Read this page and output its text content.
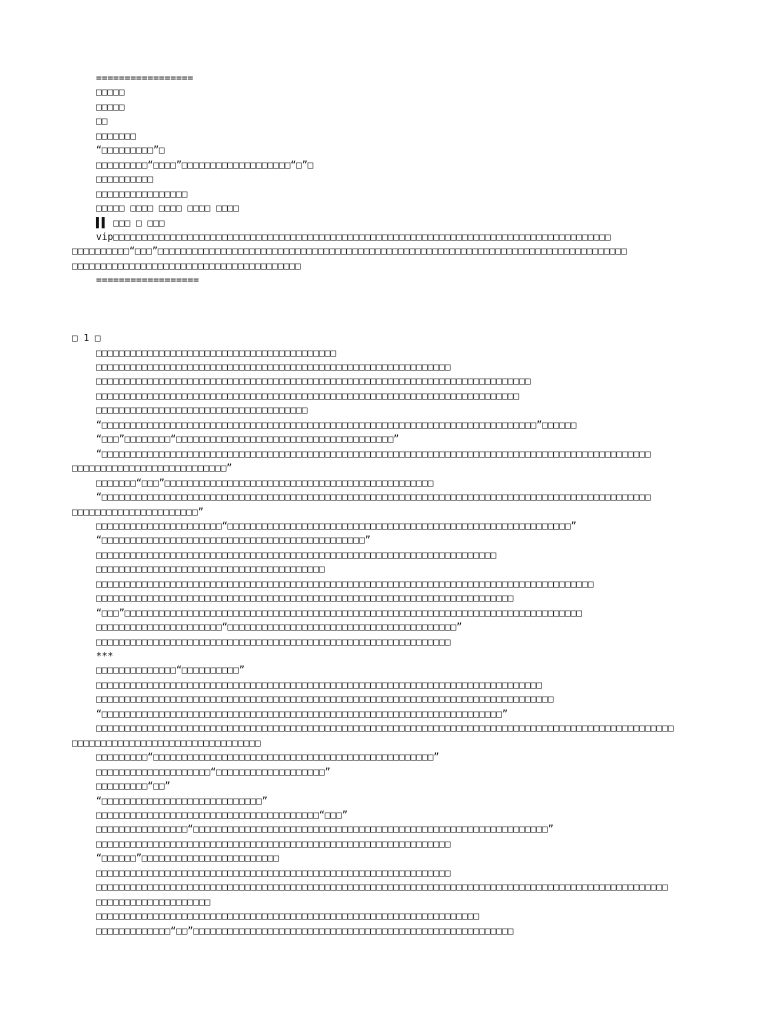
=================
□□□□□
□□□□□
□□
□□□□□□□
“□□□□□□□□□”□
□□□□□□□□□“□□□□”□□□□□□□□□□□□□□□□□□□“□”□
□□□□□□□□□□
□□□□□□□□□□□□□□□□
□□□□□ □□□□ □□□□ □□□□ □□□□
▌▌ □□□ □ □□□
vip□□□□□□□□□□□□□□□□□□□□□□□□□□□□□□□□□□□□□□□□□□□□□□□□□□□□□□□□□□□□□□□□□□□□□□□□□□□□□□□□□□□□□□□
□□□□□□□□□□“□□□”□□□□□□□□□□□□□□□□□□□□□□□□□□□□□□□□□□□□□□□□□□□□□□□□□□□□□□□□□□□□□□□□□□□□□□□□□□□□□□□□□□
□□□□□□□□□□□□□□□□□□□□□□□□□□□□□□□□□□□□□□□□
==================
□ 1 □
□□□□□□□□□□□□□□□□□□□□□□□□□□□□□□□□□□□□□□□□□□
□□□□□□□□□□□□□□□□□□□□□□□□□□□□□□□□□□□□□□□□□□□□□□□□□□□□□□□□□□□□□□
□□□□□□□□□□□□□□□□□□□□□□□□□□□□□□□□□□□□□□□□□□□□□□□□□□□□□□□□□□□□□□□□□□□□□□□□□□□□
□□□□□□□□□□□□□□□□□□□□□□□□□□□□□□□□□□□□□□□□□□□□□□□□□□□□□□□□□□□□□□□□□□□□□□□□□□
□□□□□□□□□□□□□□□□□□□□□□□□□□□□□□□□□□□□□
“□□□□□□□□□□□□□□□□□□□□□□□□□□□□□□□□□□□□□□□□□□□□□□□□□□□□□□□□□□□□□□□□□□□□□□□□□□□□”□□□□□□
“□□□”□□□□□□□□“□□□□□□□□□□□□□□□□□□□□□□□□□□□□□□□□□□□□□□”
“□□□□□□□□□□□□□□□□□□□□□□□□□□□□□□□□□□□□□□□□□□□□□□□□□□□□□□□□□□□□□□□□□□□□□□□□□□□□□□□□□□□□□□□□□□□□□□□□
□□□□□□□□□□□□□□□□□□□□□□□□□□□”
□□□□□□□“□□□”□□□□□□□□□□□□□□□□□□□□□□□□□□□□□□□□□□□□□□□□□□□□□□□
“□□□□□□□□□□□□□□□□□□□□□□□□□□□□□□□□□□□□□□□□□□□□□□□□□□□□□□□□□□□□□□□□□□□□□□□□□□□□□□□□□□□□□□□□□□□□□□□□
□□□□□□□□□□□□□□□□□□□□□□”
□□□□□□□□□□□□□□□□□□□□□□“□□□□□□□□□□□□□□□□□□□□□□□□□□□□□□□□□□□□□□□□□□□□□□□□□□□□□□□□□□□□”
“□□□□□□□□□□□□□□□□□□□□□□□□□□□□□□□□□□□□□□□□□□□□□□”
□□□□□□□□□□□□□□□□□□□□□□□□□□□□□□□□□□□□□□□□□□□□□□□□□□□□□□□□□□□□□□□□□□□□□□
□□□□□□□□□□□□□□□□□□□□□□□□□□□□□□□□□□□□□□□□
□□□□□□□□□□□□□□□□□□□□□□□□□□□□□□□□□□□□□□□□□□□□□□□□□□□□□□□□□□□□□□□□□□□□□□□□□□□□□□□□□□□□□□□
□□□□□□□□□□□□□□□□□□□□□□□□□□□□□□□□□□□□□□□□□□□□□□□□□□□□□□□□□□□□□□□□□□□□□□□□□
“□□□”□□□□□□□□□□□□□□□□□□□□□□□□□□□□□□□□□□□□□□□□□□□□□□□□□□□□□□□□□□□□□□□□□□□□□□□□□□□□□□□□
□□□□□□□□□□□□□□□□□□□□□□“□□□□□□□□□□□□□□□□□□□□□□□□□□□□□□□□□□□□□□□□”
□□□□□□□□□□□□□□□□□□□□□□□□□□□□□□□□□□□□□□□□□□□□□□□□□□□□□□□□□□□□□□
***
□□□□□□□□□□□□□□“□□□□□□□□□□”
□□□□□□□□□□□□□□□□□□□□□□□□□□□□□□□□□□□□□□□□□□□□□□□□□□□□□□□□□□□□□□□□□□□□□□□□□□□□□□
□□□□□□□□□□□□□□□□□□□□□□□□□□□□□□□□□□□□□□□□□□□□□□□□□□□□□□□□□□□□□□□□□□□□□□□□□□□□□□□□
“□□□□□□□□□□□□□□□□□□□□□□□□□□□□□□□□□□□□□□□□□□□□□□□□□□□□□□□□□□□□□□□□□□□□□□”
□□□□□□□□□□□□□□□□□□□□□□□□□□□□□□□□□□□□□□□□□□□□□□□□□□□□□□□□□□□□□□□□□□□□□□□□□□□□□□□□□□□□□□□□□□□□□□□□□□□□□
□□□□□□□□□□□□□□□□□□□□□□□□□□□□□□□□□
□□□□□□□□□“□□□□□□□□□□□□□□□□□□□□□□□□□□□□□□□□□□□□□□□□□□□□□□□□□”
□□□□□□□□□□□□□□□□□□□□“□□□□□□□□□□□□□□□□□□□”
□□□□□□□□□“□□”
“□□□□□□□□□□□□□□□□□□□□□□□□□□□□”
□□□□□□□□□□□□□□□□□□□□□□□□□□□□□□□□□□□□□□□“□□□”
□□□□□□□□□□□□□□□□“□□□□□□□□□□□□□□□□□□□□□□□□□□□□□□□□□□□□□□□□□□□□□□□□□□□□□□□□□□□□□□”
□□□□□□□□□□□□□□□□□□□□□□□□□□□□□□□□□□□□□□□□□□□□□□□□□□□□□□□□□□□□□□
“□□□□□□”□□□□□□□□□□□□□□□□□□□□□□□□
□□□□□□□□□□□□□□□□□□□□□□□□□□□□□□□□□□□□□□□□□□□□□□□□□□□□□□□□□□□□□□
□□□□□□□□□□□□□□□□□□□□□□□□□□□□□□□□□□□□□□□□□□□□□□□□□□□□□□□□□□□□□□□□□□□□□□□□□□□□□□□□□□□□□□□□□□□□□□□□□□□□
□□□□□□□□□□□□□□□□□□□□
□□□□□□□□□□□□□□□□□□□□□□□□□□□□□□□□□□□□□□□□□□□□□□□□□□□□□□□□□□□□□□□□□□□
□□□□□□□□□□□□□“□□”□□□□□□□□□□□□□□□□□□□□□□□□□□□□□□□□□□□□□□□□□□□□□□□□□□□□□□□□
